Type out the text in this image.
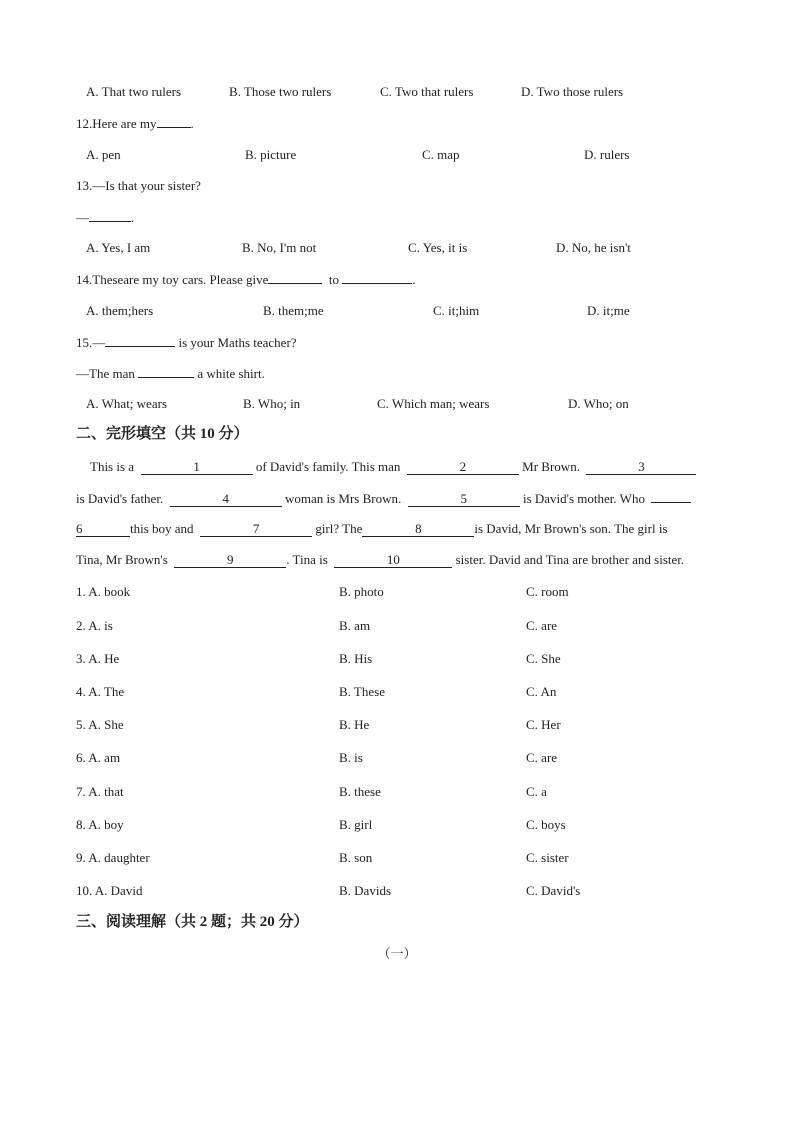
A. That two rulers	B. Those two rulers	C. Two that rulers	D. Two those rulers
12.Here are my	.
A. pen	B. picture	C. map	D. rulers
13.—Is that your sister?
—	.
A. Yes, I am	B. No, I'm not	C. Yes, it is	D. No, he isn't
14.Theseare my toy cars. Please give	to	.
A. them;hers	B. them;me	C. it;him	D. it;me
15.—	is your Maths teacher?
—The man	a white shirt.
A. What; wears	B. Who; in	C. Which man; wears	D. Who; on
二、完形填空（共 10 分）
This is a	1	of David's family. This man	2	Mr Brown.	3
is David's father.	4	woman is Mrs Brown.	5	is David's mother. Who
6	this boy and	7	girl? The	8	is David, Mr Brown's son. The girl is
Tina, Mr Brown's	9	. Tina is	10	sister. David and Tina are brother and sister.
1. A. book	B. photo	C. room
2. A. is	B. am	C. are
3. A. He	B. His	C. She
4. A. The	B. These	C. An
5. A. She	B. He	C. Her
6. A. am	B. is	C. are
7. A. that	B. these	C. a
8. A. boy	B. girl	C. boys
9. A. daughter	B. son	C. sister
10. A. David	B. Davids	C. David's
三、阅读理解（共 2 题；共 20 分）
（一）
